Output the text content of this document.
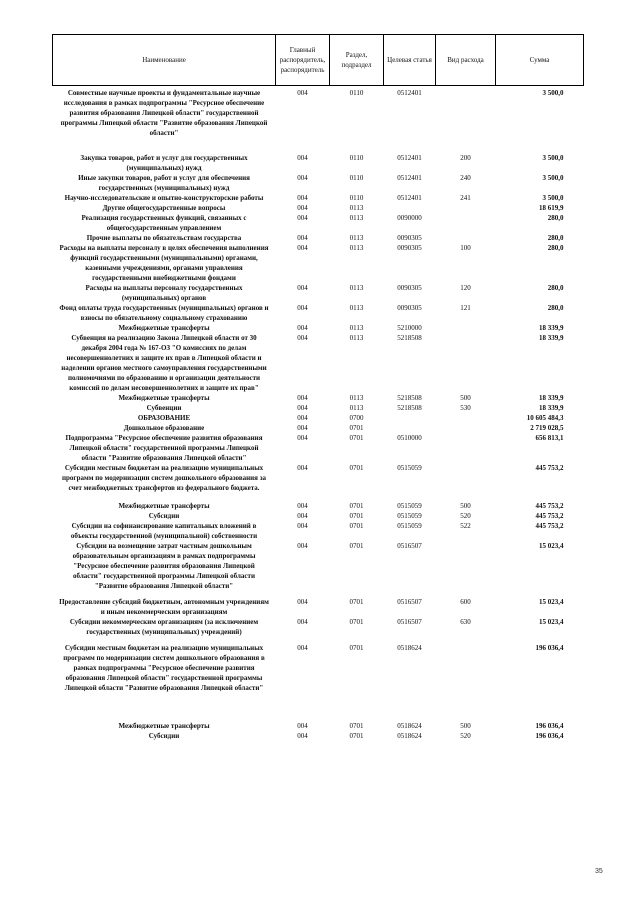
Наименование	Главный распорядитель, распорядитель	Раздел, подраздел	Целевая статья	Вид расхода	Сумма
Совместные научные проекты и фундаментальные научные исследования в рамках подпрограммы "Ресурсное обеспечение развития образования Липецкой области" государственной программы Липецкой области "Развитие образования Липецкой области"	004	0110	0512401		3 500,0
Закупка товаров, работ и услуг для государственных (муниципальных) нужд	004	0110	0512401	200	3 500,0
Иные закупки товаров, работ и услуг для обеспечения государственных (муниципальных) нужд	004	0110	0512401	240	3 500,0
Научно-исследовательские и опытно-конструкторские работы	004	0110	0512401	241	3 500,0
Другие общегосударственные вопросы	004	0113			18 619,9
Реализация государственных функций, связанных с общегосударственным управлением	004	0113	0090000		280,0
Прочие выплаты по обязательствам государства	004	0113	0090305		280,0
Расходы на выплаты персоналу в целях обеспечения выполнения функций государственными (муниципальными) органами, казенными учреждениями, органами управления государственными внебюджетными фондами	004	0113	0090305	100	280,0
Расходы на выплаты персоналу государственных (муниципальных) органов	004	0113	0090305	120	280,0
Фонд оплаты труда государственных (муниципальных) органов и взносы по обязательному социальному страхованию	004	0113	0090305	121	280,0
Межбюджетные трансферты	004	0113	5210000		18 339,9
Субвенция на реализацию Закона Липецкой области от 30 декабря 2004 года № 167-ОЗ "О комиссиях по делам несовершеннолетних и защите их прав в Липецкой области и наделении органов местного самоуправления государственными полномочиями по образованию и организации деятельности комиссий по делам несовершеннолетних и защите их прав"	004	0113	5218508		18 339,9
Межбюджетные трансферты	004	0113	5218508	500	18 339,9
Субвенции	004	0113	5218508	530	18 339,9
ОБРАЗОВАНИЕ	004	0700			10 605 484,3
Дошкольное образование	004	0701			2 719 028,5
Подпрограмма "Ресурсное обеспечение развития образования Липецкой области" государственной программы Липецкой области "Развитие образования Липецкой области"	004	0701	0510000		656 813,1
Субсидии местным бюджетам на реализацию муниципальных программ по модернизации систем дошкольного образования за счет межбюджетных трансфертов из федерального бюджета.	004	0701	0515059		445 753,2
Межбюджетные трансферты	004	0701	0515059	500	445 753,2
Субсидии	004	0701	0515059	520	445 753,2
Субсидии на софинансирование капитальных вложений в объекты государственной (муниципальной) собственности	004	0701	0515059	522	445 753,2
Субсидии на возмещение затрат частным дошкольным образовательным организациям в рамках подпрограммы "Ресурсное обеспечение развития образования Липецкой области" государственной программы Липецкой области "Развитие образования Липецкой области"	004	0701	0516507		15 023,4
Предоставление субсидий бюджетным, автономным учреждениям и иным некоммерческим организациям	004	0701	0516507	600	15 023,4
Субсидии некоммерческим организациям (за исключением государственных (муниципальных) учреждений)	004	0701	0516507	630	15 023,4
Субсидии местным бюджетам на реализацию муниципальных программ по модернизации систем дошкольного образования в рамках подпрограммы "Ресурсное обеспечение развития образования Липецкой области" государственной программы Липецкой области "Развитие образования Липецкой области"	004	0701	0518624		196 036,4
Межбюджетные трансферты	004	0701	0518624	500	196 036,4
Субсидии	004	0701	0518624	520	196 036,4
35
